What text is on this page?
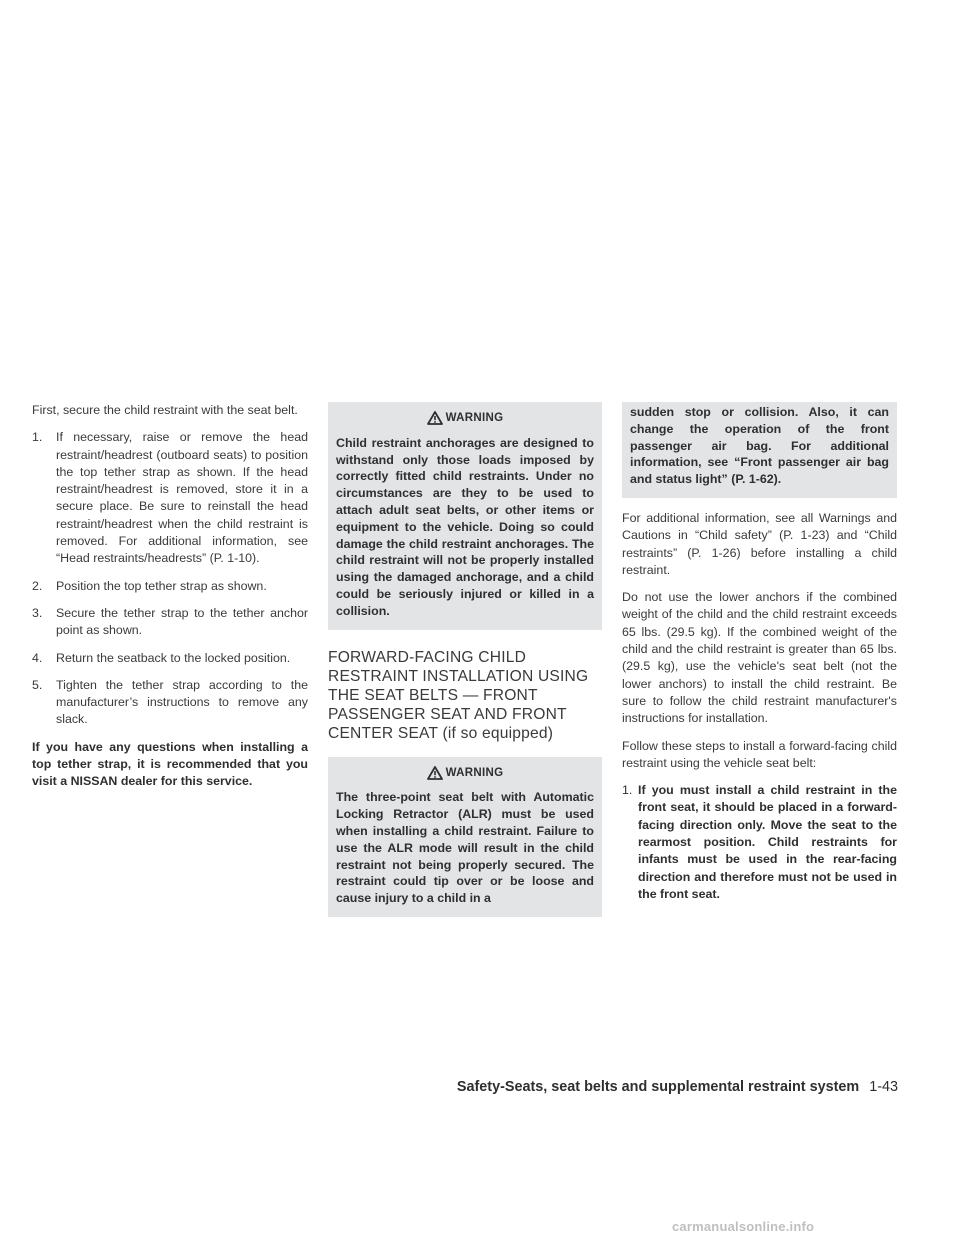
First, secure the child restraint with the seat belt.

1. If necessary, raise or remove the head restraint/headrest (outboard seats) to position the top tether strap as shown. If the head restraint/headrest is removed, store it in a secure place. Be sure to reinstall the head restraint/headrest when the child restraint is removed. For additional information, see “Head restraints/headrests” (P. 1-10).
2. Position the top tether strap as shown.
3. Secure the tether strap to the tether anchor point as shown.
4. Return the seatback to the locked position.
5. Tighten the tether strap according to the manufacturer’s instructions to remove any slack.

If you have any questions when installing a top tether strap, it is recommended that you visit a NISSAN dealer for this service.

WARNING
Child restraint anchorages are designed to withstand only those loads imposed by correctly fitted child restraints. Under no circumstances are they to be used to attach adult seat belts, or other items or equipment to the vehicle. Doing so could damage the child restraint anchorages. The child restraint will not be properly installed using the damaged anchorage, and a child could be seriously injured or killed in a collision.
FORWARD-FACING CHILD RESTRAINT INSTALLATION USING THE SEAT BELTS — FRONT PASSENGER SEAT AND FRONT CENTER SEAT (if so equipped)
WARNING
The three-point seat belt with Automatic Locking Retractor (ALR) must be used when installing a child restraint. Failure to use the ALR mode will result in the child restraint not being properly secured. The restraint could tip over or be loose and cause injury to a child in a
sudden stop or collision. Also, it can change the operation of the front passenger air bag. For additional information, see “Front passenger air bag and status light” (P. 1-62).

For additional information, see all Warnings and Cautions in “Child safety” (P. 1-23) and “Child restraints” (P. 1-26) before installing a child restraint.

Do not use the lower anchors if the combined weight of the child and the child restraint exceeds 65 lbs. (29.5 kg). If the combined weight of the child and the child restraint is greater than 65 lbs. (29.5 kg), use the vehicle's seat belt (not the lower anchors) to install the child restraint. Be sure to follow the child restraint manufacturer's instructions for installation.

Follow these steps to install a forward-facing child restraint using the vehicle seat belt:

1. If you must install a child restraint in the front seat, it should be placed in a forward-facing direction only. Move the seat to the rearmost position. Child restraints for infants must be used in the rear-facing direction and therefore must not be used in the front seat.
Safety-Seats, seat belts and supplemental restraint system 1-43
carmanualsonline.info
